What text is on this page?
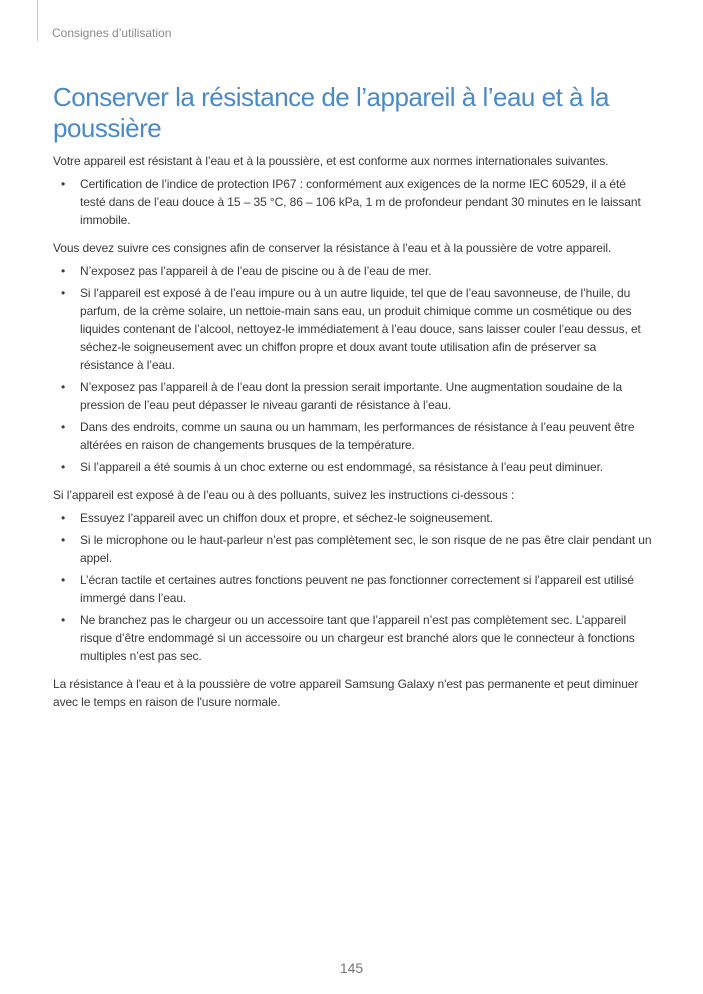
Consignes d’utilisation
Conserver la résistance de l’appareil à l’eau et à la poussière

Votre appareil est résistant à l’eau et à la poussière, et est conforme aux normes internationales suivantes.

• Certification de l’indice de protection IP67 : conformément aux exigences de la norme IEC 60529, il a été testé dans de l’eau douce à 15 – 35 °C, 86 – 106 kPa, 1 m de profondeur pendant 30 minutes en le laissant immobile.

Vous devez suivre ces consignes afin de conserver la résistance à l’eau et à la poussière de votre appareil.

• N’exposez pas l’appareil à de l’eau de piscine ou à de l’eau de mer.
• Si l’appareil est exposé à de l’eau impure ou à un autre liquide, tel que de l’eau savonneuse, de l’huile, du parfum, de la crème solaire, un nettoie-main sans eau, un produit chimique comme un cosmétique ou des liquides contenant de l’alcool, nettoyez-le immédiatement à l’eau douce, sans laisser couler l’eau dessus, et séchez-le soigneusement avec un chiffon propre et doux avant toute utilisation afin de préserver sa résistance à l’eau.
• N’exposez pas l’appareil à de l’eau dont la pression serait importante. Une augmentation soudaine de la pression de l’eau peut dépasser le niveau garanti de résistance à l’eau.
• Dans des endroits, comme un sauna ou un hammam, les performances de résistance à l’eau peuvent être altérées en raison de changements brusques de la température.
• Si l’appareil a été soumis à un choc externe ou est endommagé, sa résistance à l’eau peut diminuer.

Si l’appareil est exposé à de l’eau ou à des polluants, suivez les instructions ci-dessous :

• Essuyez l’appareil avec un chiffon doux et propre, et séchez-le soigneusement.
• Si le microphone ou le haut-parleur n’est pas complètement sec, le son risque de ne pas être clair pendant un appel.
• L’écran tactile et certaines autres fonctions peuvent ne pas fonctionner correctement si l’appareil est utilisé immergé dans l’eau.
• Ne branchez pas le chargeur ou un accessoire tant que l’appareil n’est pas complètement sec. L’appareil risque d’être endommagé si un accessoire ou un chargeur est branché alors que le connecteur à fonctions multiples n’est pas sec.

La résistance à l'eau et à la poussière de votre appareil Samsung Galaxy n'est pas permanente et peut diminuer avec le temps en raison de l'usure normale.

145
